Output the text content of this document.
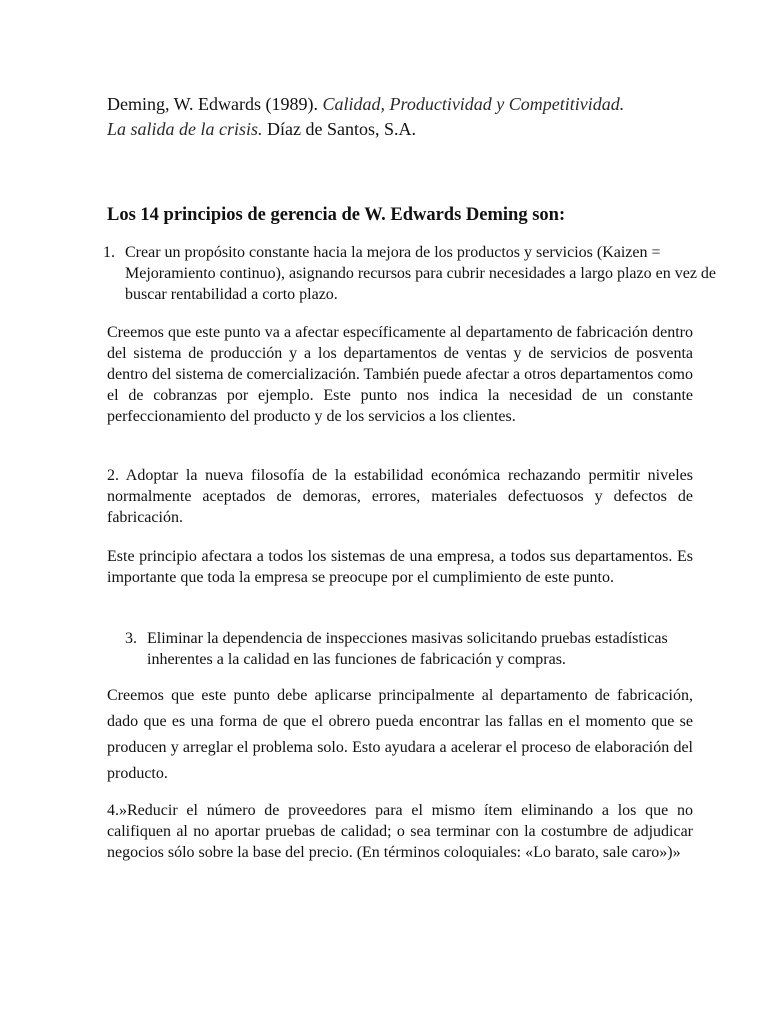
Deming, W. Edwards (1989). Calidad, Productividad y Competitividad.
La salida de la crisis. Díaz de Santos, S.A.
Los 14 principios de gerencia de W. Edwards Deming son:
1. Crear un propósito constante hacia la mejora de los productos y servicios (Kaizen = Mejoramiento continuo), asignando recursos para cubrir necesidades a largo plazo en vez de buscar rentabilidad a corto plazo.
Creemos que este punto va a afectar específicamente al departamento de fabricación dentro del sistema de producción y a los departamentos de ventas y de servicios de posventa dentro del sistema de comercialización. También puede afectar a otros departamentos como el de cobranzas por ejemplo. Este punto nos indica la necesidad de un constante perfeccionamiento del producto y de los servicios a los clientes.
2. Adoptar la nueva filosofía de la estabilidad económica rechazando permitir niveles normalmente aceptados de demoras, errores, materiales defectuosos y defectos de fabricación.
Este principio afectara a todos los sistemas de una empresa, a todos sus departamentos. Es importante que toda la empresa se preocupe por el cumplimiento de este punto.
3. Eliminar la dependencia de inspecciones masivas solicitando pruebas estadísticas inherentes a la calidad en las funciones de fabricación y compras.
Creemos que este punto debe aplicarse principalmente al departamento de fabricación, dado que es una forma de que el obrero pueda encontrar las fallas en el momento que se producen y arreglar el problema solo. Esto ayudara a acelerar el proceso de elaboración del producto.
4.»Reducir el número de proveedores para el mismo ítem eliminando a los que no califiquen al no aportar pruebas de calidad; o sea terminar con la costumbre de adjudicar negocios sólo sobre la base del precio. (En términos coloquiales: «Lo barato, sale caro»)»
